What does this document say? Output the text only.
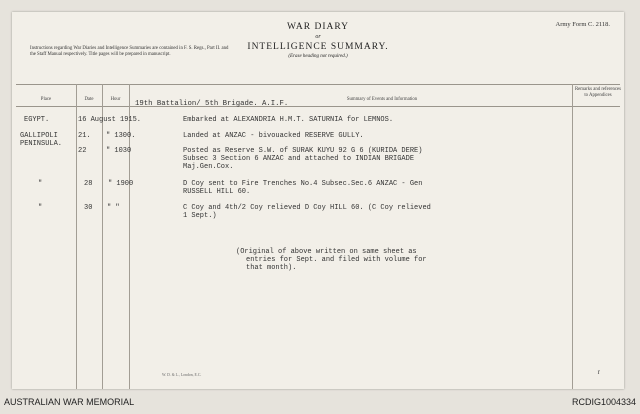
WAR DIARY
or
INTELLIGENCE SUMMARY.
(Erase heading not required.)
Army Form C. 2118.
Instructions regarding War Diaries and Intelligence Summaries are contained in F. S. Regs., Part II. and the Staff Manual respectively. Title pages will be prepared in manuscript.
Place	Date	Hour	Summary of Events and Information
Remarks and references to Appendices
19th Battalion/ 5th Brigade. A.I.F.
EGYPT.	16 August 1915.	Embarked at ALEXANDRIA H.M.T. SATURNIA for LEMNOS.
GALLIPOLI	21. " 1300.	Landed at ANZAC - bivouacked RESERVE GULLY.
PENINSULA.
22	" 1030	Posted as Reserve S.W. of SURAK KUYU 92 G 6 (KURIDA DERE)
Subsec 3 Section 6 ANZAC and attached to INDIAN BRIGADE
Maj.Gen.Cox.
"	28 " 1900	D Coy sent to Fire Trenches No.4 Subsec.Sec.6 ANZAC - Gen
RUSSELL HILL 60.
"	30 " "	C Coy and 4th/2 Coy relieved D Coy HILL 60. (C Coy relieved
1 Sept.)
(Original of above written on same sheet as
entries for Sept. and filed with volume for
that month).
W. D. & L., London, E.C.	r
AUSTRALIAN WAR MEMORIAL	RCDIG1004334
